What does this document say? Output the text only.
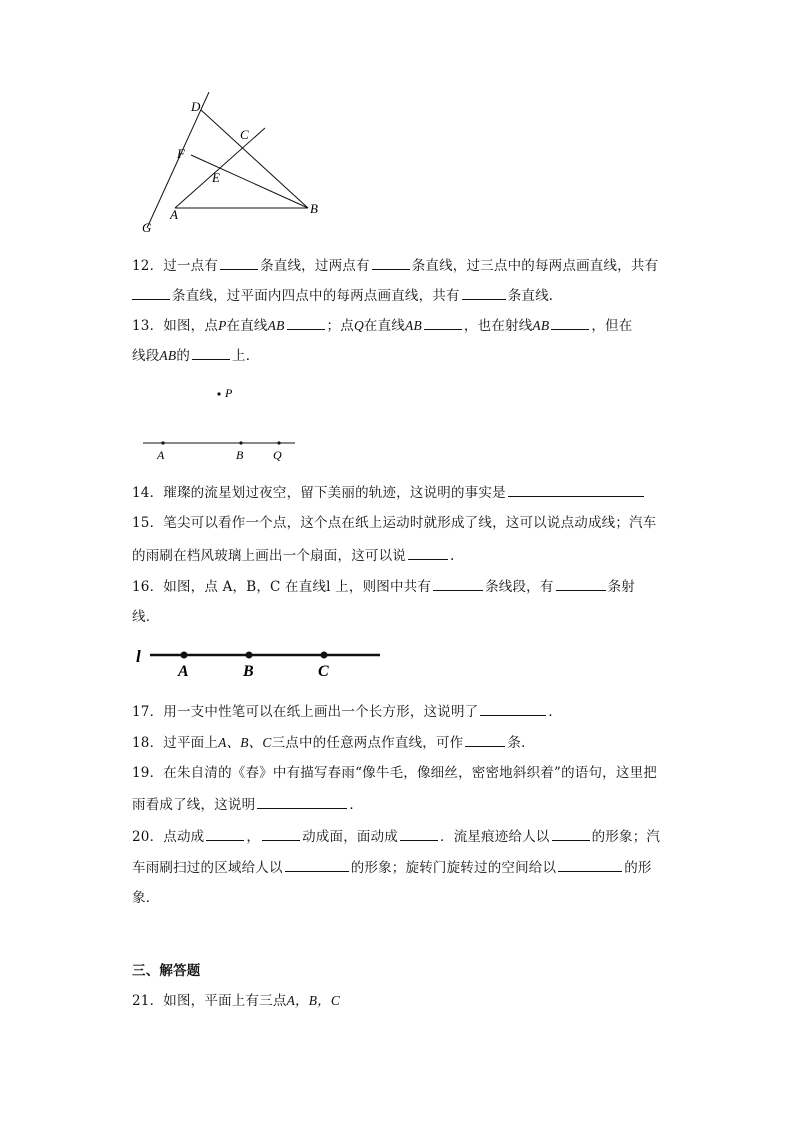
D
C
F
E
A	B
G
12．过一点有	条直线，过两点有	条直线，过三点中的每两点画直线，共有
条直线，过平面内四点中的每两点画直线，共有	条直线．
13．如图，点P在直线AB	；点Q在直线AB	，也在射线AB	，但在
线段AB的	上．
P
A	B Q
14．璀璨的流星划过夜空，留下美丽的轨迹，这说明的事实是
15．笔尖可以看作一个点，这个点在纸上运动时就形成了线，这可以说点动成线；汽车
的雨刷在档风玻璃上画出一个扇面，这可以说	.
16．如图，点 A，B，C 在直线l 上，则图中共有	条线段，有	条射
线．
l
A	B	C
17．用一支中性笔可以在纸上画出一个长方形，这说明了	．
18．过平面上A、B、C三点中的任意两点作直线，可作	条．
19．在朱自清的《春》中有描写春雨“像牛毛，像细丝，密密地斜织着”的语句，这里把
雨看成了线，这说明	．
20．点动成	，	动成面，面动成	．流星痕迹给人以	的形象；汽
车雨刷扫过的区域给人以	的形象；旋转门旋转过的空间给以	的形
象．
三、解答题
21．如图，平面上有三点A，B，C
